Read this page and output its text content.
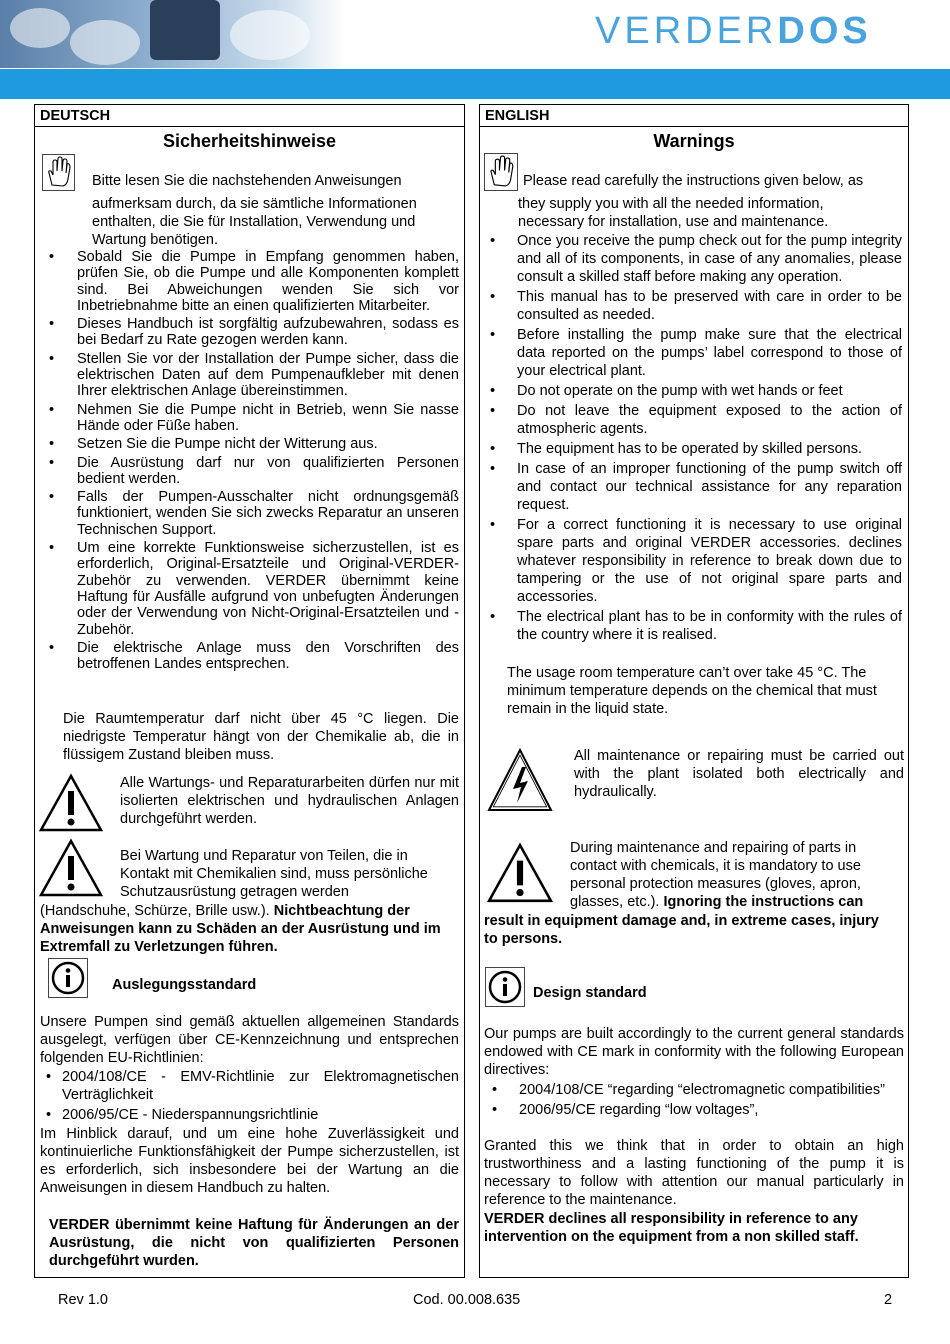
VERDERDOS
DEUTSCH
Sicherheitshinweise
Bitte lesen Sie die nachstehenden Anweisungen
aufmerksam durch, da sie sämtliche Informationen enthalten, die Sie für Installation, Verwendung und Wartung benötigen.
• Sobald Sie die Pumpe in Empfang genommen haben, prüfen Sie, ob die Pumpe und alle Komponenten komplett sind. Bei Abweichungen wenden Sie sich vor Inbetriebnahme bitte an einen qualifizierten Mitarbeiter.
• Dieses Handbuch ist sorgfältig aufzubewahren, sodass es bei Bedarf zu Rate gezogen werden kann.
• Stellen Sie vor der Installation der Pumpe sicher, dass die elektrischen Daten auf dem Pumpenaufkleber mit denen Ihrer elektrischen Anlage übereinstimmen.
• Nehmen Sie die Pumpe nicht in Betrieb, wenn Sie nasse Hände oder Füße haben.
• Setzen Sie die Pumpe nicht der Witterung aus.
• Die Ausrüstung darf nur von qualifizierten Personen bedient werden.
• Falls der Pumpen-Ausschalter nicht ordnungsgemäß funktioniert, wenden Sie sich zwecks Reparatur an unseren Technischen Support.
• Um eine korrekte Funktionsweise sicherzustellen, ist es erforderlich, Original-Ersatzteile und Original-VERDER-Zubehör zu verwenden. VERDER übernimmt keine Haftung für Ausfälle aufgrund von unbefugten Änderungen oder der Verwendung von Nicht-Original-Ersatzteilen und -Zubehör.
• Die elektrische Anlage muss den Vorschriften des betroffenen Landes entsprechen.
Die Raumtemperatur darf nicht über 45 °C liegen. Die niedrigste Temperatur hängt von der Chemikalie ab, die in flüssigem Zustand bleiben muss.
Alle Wartungs- und Reparaturarbeiten dürfen nur mit isolierten elektrischen und hydraulischen Anlagen durchgeführt werden.
Bei Wartung und Reparatur von Teilen, die in Kontakt mit Chemikalien sind, muss persönliche Schutzausrüstung getragen werden
(Handschuhe, Schürze, Brille usw.). Nichtbeachtung der Anweisungen kann zu Schäden an der Ausrüstung und im Extremfall zu Verletzungen führen.
Auslegungsstandard
Unsere Pumpen sind gemäß aktuellen allgemeinen Standards ausgelegt, verfügen über CE-Kennzeichnung und entsprechen folgenden EU-Richtlinien:
• 2004/108/CE - EMV-Richtlinie zur Elektromagnetischen Verträglichkeit
• 2006/95/CE - Niederspannungsrichtlinie
Im Hinblick darauf, und um eine hohe Zuverlässigkeit und kontinuierliche Funktionsfähigkeit der Pumpe sicherzustellen, ist es erforderlich, sich insbesondere bei der Wartung an die Anweisungen in diesem Handbuch zu halten.
VERDER übernimmt keine Haftung für Änderungen an der Ausrüstung, die nicht von qualifizierten Personen durchgeführt wurden.
ENGLISH
Warnings
Please read carefully the instructions given below, as
they supply you with all the needed information, necessary for installation, use and maintenance.
• Once you receive the pump check out for the pump integrity and all of its components, in case of any anomalies, please consult a skilled staff before making any operation.
• This manual has to be preserved with care in order to be consulted as needed.
• Before installing the pump make sure that the electrical data reported on the pumps’ label correspond to those of your electrical plant.
• Do not operate on the pump with wet hands or feet
• Do not leave the equipment exposed to the action of atmospheric agents.
• The equipment has to be operated by skilled persons.
• In case of an improper functioning of the pump switch off and contact our technical assistance for any reparation request.
• For a correct functioning it is necessary to use original spare parts and original VERDER accessories. declines whatever responsibility in reference to break down due to tampering or the use of not original spare parts and accessories.
• The electrical plant has to be in conformity with the rules of the country where it is realised.
The usage room temperature can’t over take 45 °C. The minimum temperature depends on the chemical that must remain in the liquid state.
All maintenance or repairing must be carried out with the plant isolated both electrically and hydraulically.
During maintenance and repairing of parts in contact with chemicals, it is mandatory to use personal protection measures (gloves, apron, glasses, etc.). Ignoring the instructions can
result in equipment damage and, in extreme cases, injury to persons.
Design standard
Our pumps are built accordingly to the current general standards endowed with CE mark in conformity with the following European directives:
• 2004/108/CE “regarding “electromagnetic compatibilities”
• 2006/95/CE regarding “low voltages”,
Granted this we think that in order to obtain an high trustworthiness and a lasting functioning of the pump it is necessary to follow with attention our manual particularly in reference to the maintenance.
VERDER declines all responsibility in reference to any intervention on the equipment from a non skilled staff.
Rev 1.0	Cod. 00.008.635	2
